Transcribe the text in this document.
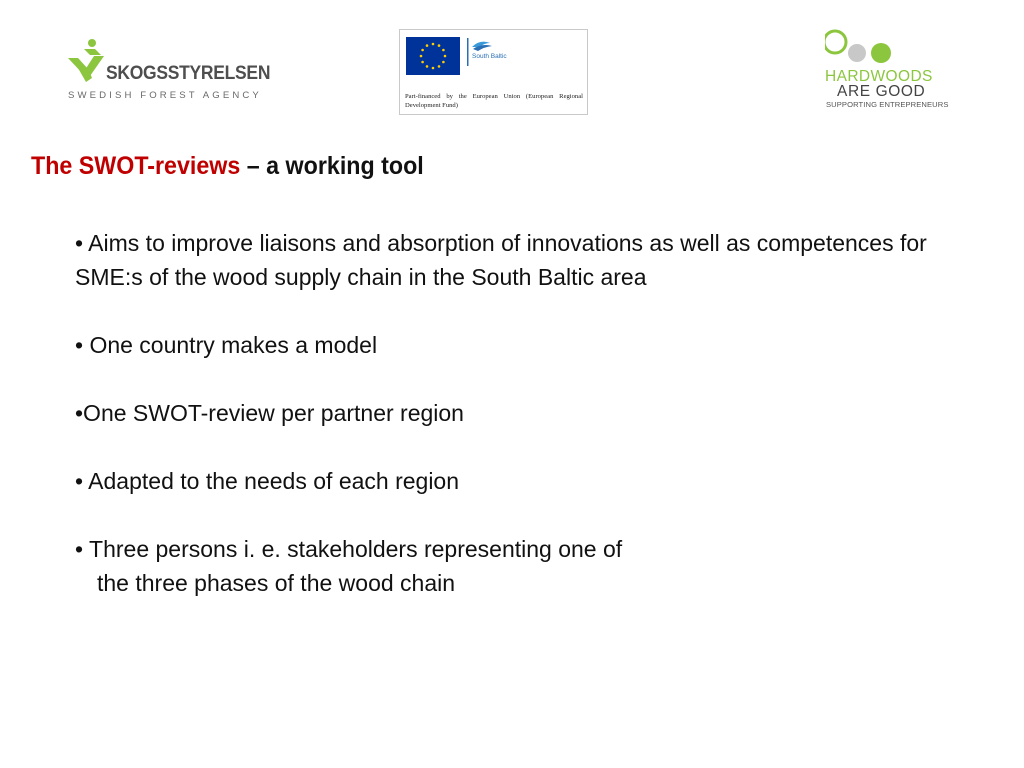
SKOGSSTYRELSEN
SWEDISH FOREST AGENCY
South Baltic
Part-financed by the European Union (European Regional Development Fund)
HARDWOODS
ARE GOOD
SUPPORTING ENTREPRENEURS
The SWOT-reviews – a working tool
• Aims to improve liaisons and absorption of innovations as well as competences for SME:s of the wood supply chain in the South Baltic area
• One country makes a model
•One SWOT-review per partner region
• Adapted to the needs of each region
• Three persons i. e. stakeholders representing one of
the three phases of the wood chain
